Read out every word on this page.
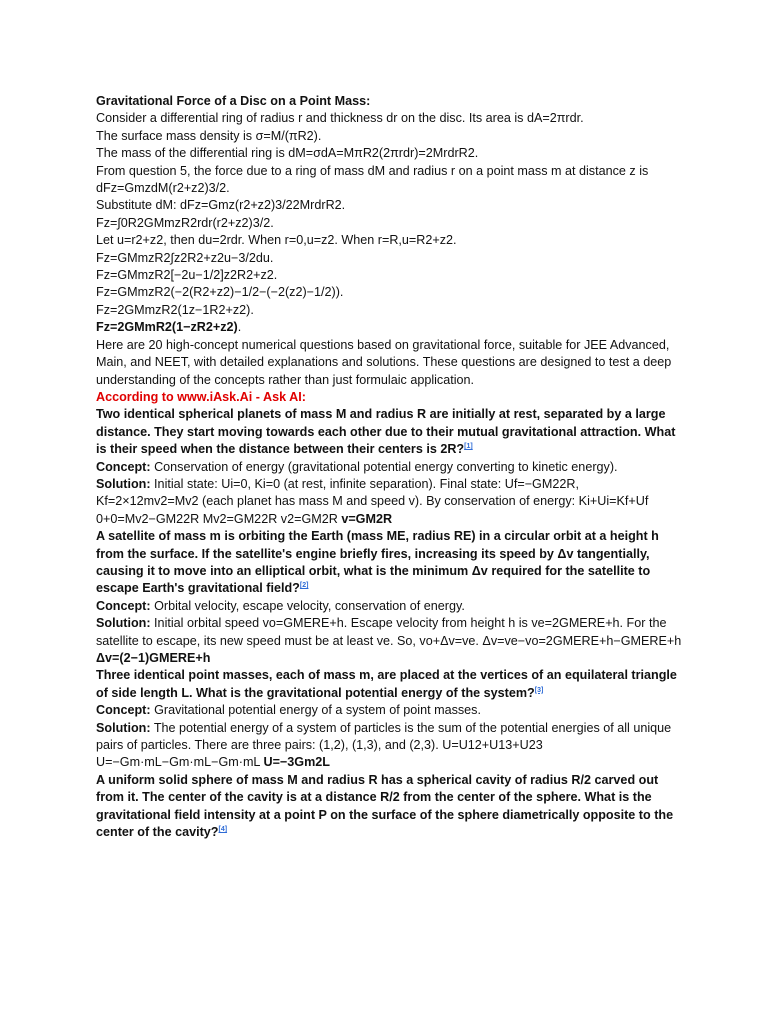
Gravitational Force of a Disc on a Point Mass:

Consider a differential ring of radius r and thickness dr on the disc. Its area is dA=2πrdr.

The surface mass density is σ=M/(πR2).

The mass of the differential ring is dM=σdA=MπR2(2πrdr)=2MrdrR2.

From question 5, the force due to a ring of mass dM and radius r on a point mass m at distance z is dFz=GmzdM(r2+z2)3/2.

Substitute dM: dFz=Gmz(r2+z2)3/22MrdrR2.

Fz=∫0R2GMmzR2rdr(r2+z2)3/2.

Let u=r2+z2, then du=2rdr. When r=0,u=z2. When r=R,u=R2+z2.

Fz=GMmzR2∫z2R2+z2u−3/2du.

Fz=GMmzR2[−2u−1/2]z2R2+z2.

Fz=GMmzR2(−2(R2+z2)−1/2−(−2(z2)−1/2)).

Fz=2GMmzR2(1z−1R2+z2).

Fz=2GMmR2(1−zR2+z2).

Here are 20 high-concept numerical questions based on gravitational force, suitable for JEE Advanced, Main, and NEET, with detailed explanations and solutions. These questions are designed to test a deep understanding of the concepts rather than just formulaic application.

According to www.iAsk.Ai - Ask AI:

Two identical spherical planets of mass M and radius R are initially at rest, separated by a large distance. They start moving towards each other due to their mutual gravitational attraction. What is their speed when the distance between their centers is 2R?[1]

Concept: Conservation of energy (gravitational potential energy converting to kinetic energy).

Solution: Initial state: Ui=0, Ki=0 (at rest, infinite separation). Final state: Uf=−GM22R, Kf=2×12mv2=Mv2 (each planet has mass M and speed v). By conservation of energy: Ki+Ui=Kf+Uf 0+0=Mv2−GM22R Mv2=GM22R v2=GM2R v=GM2R

A satellite of mass m is orbiting the Earth (mass ME, radius RE) in a circular orbit at a height h from the surface. If the satellite's engine briefly fires, increasing its speed by Δv tangentially, causing it to move into an elliptical orbit, what is the minimum Δv required for the satellite to escape Earth's gravitational field?[2]

Concept: Orbital velocity, escape velocity, conservation of energy.

Solution: Initial orbital speed vo=GMERE+h. Escape velocity from height h is ve=2GMERE+h. For the satellite to escape, its new speed must be at least ve. So, vo+Δv=ve. Δv=ve−vo=2GMERE+h−GMERE+h Δv=(2−1)GMERE+h

Three identical point masses, each of mass m, are placed at the vertices of an equilateral triangle of side length L. What is the gravitational potential energy of the system?[3]

Concept: Gravitational potential energy of a system of point masses.

Solution: The potential energy of a system of particles is the sum of the potential energies of all unique pairs of particles. There are three pairs: (1,2), (1,3), and (2,3). U=U12+U13+U23 U=−Gm·mL−Gm·mL−Gm·mL U=−3Gm2L

A uniform solid sphere of mass M and radius R has a spherical cavity of radius R/2 carved out from it. The center of the cavity is at a distance R/2 from the center of the sphere. What is the gravitational field intensity at a point P on the surface of the sphere diametrically opposite to the center of the cavity?[4]
